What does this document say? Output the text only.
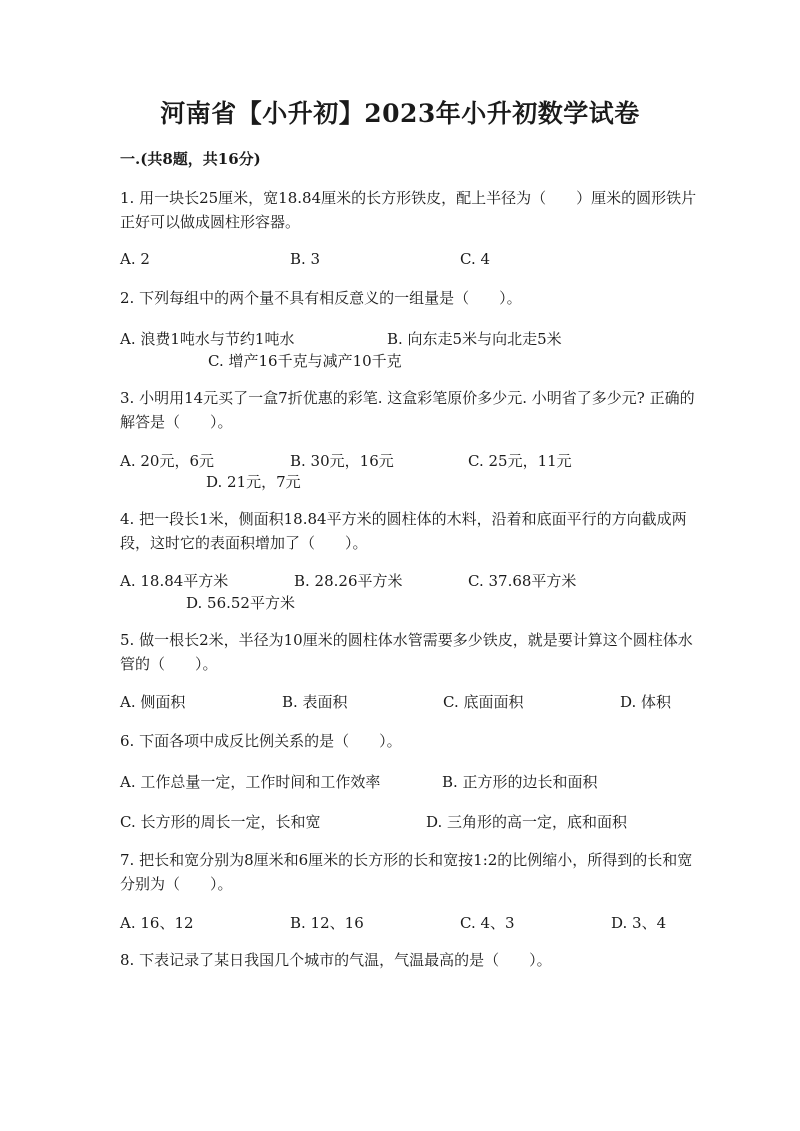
河南省【小升初】2023年小升初数学试卷
一.(共8题，共16分)
1. 用一块长25厘米，宽18.84厘米的长方形铁皮，配上半径为（　　）厘米的圆形铁片正好可以做成圆柱形容器。
A. 2	B. 3	C. 4
2. 下列每组中的两个量不具有相反意义的一组量是（　　）。
A. 浪费1吨水与节约1吨水	B. 向东走5米与向北走5米
C. 增产16千克与减产10千克
3. 小明用14元买了一盒7折优惠的彩笔. 这盒彩笔原价多少元. 小明省了多少元? 正确的解答是（　　）。
A. 20元，6元	B. 30元，16元	C. 25元，11元
D. 21元，7元
4. 把一段长1米，侧面积18.84平方米的圆柱体的木料，沿着和底面平行的方向截成两段，这时它的表面积增加了（　　）。
A. 18.84平方米	B. 28.26平方米	C. 37.68平方米
D. 56.52平方米
5. 做一根长2米，半径为10厘米的圆柱体水管需要多少铁皮，就是要计算这个圆柱体水管的（　　）。
A. 侧面积	B. 表面积	C. 底面面积	D. 体积
6. 下面各项中成反比例关系的是（　　）。
A. 工作总量一定，工作时间和工作效率	B. 正方形的边长和面积
C. 长方形的周长一定，长和宽	D. 三角形的高一定，底和面积
7. 把长和宽分别为8厘米和6厘米的长方形的长和宽按1:2的比例缩小，所得到的长和宽分别为（　　）。
A. 16、12	B. 12、16	C. 4、3	D. 3、4
8. 下表记录了某日我国几个城市的气温，气温最高的是（　　）。
